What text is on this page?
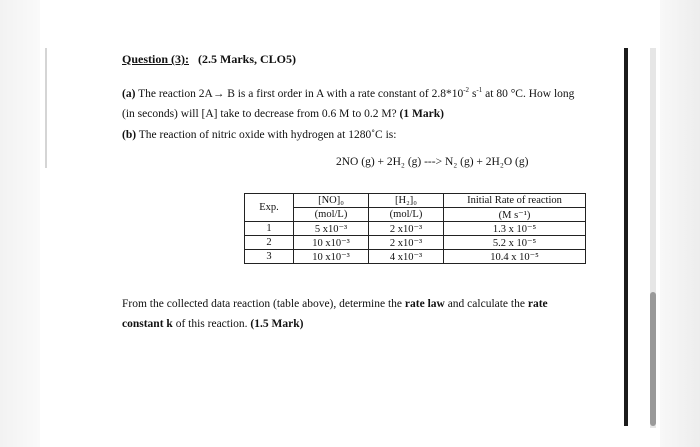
Question (3): (2.5 Marks, CLO5)
(a) The reaction 2A→ B is a first order in A with a rate constant of $2.8*10^{-2}$ $s^{-1}$ at 80 °C. How long
(in seconds) will [A] take to decrease from 0.6 M to 0.2 M? (1 Mark)
(b) The reaction of nitric oxide with hydrogen at 1280˚C is:
2NO (g) + 2H₂ (g) ---> N₂ (g) + 2H₂O (g)
Exp.	[NO]₀	[H₂]₀	Initial Rate of reaction
	(mol/L)	(mol/L)	(M s⁻¹)
1	5 x10⁻³	2 x10⁻³	1.3 x 10⁻⁵
2	10 x10⁻³	2 x10⁻³	5.2 x 10⁻⁵
3	10 x10⁻³	4 x10⁻³	10.4 x 10⁻⁵
From the collected data reaction (table above), determine the rate law and calculate the rate
constant k of this reaction. (1.5 Mark)
